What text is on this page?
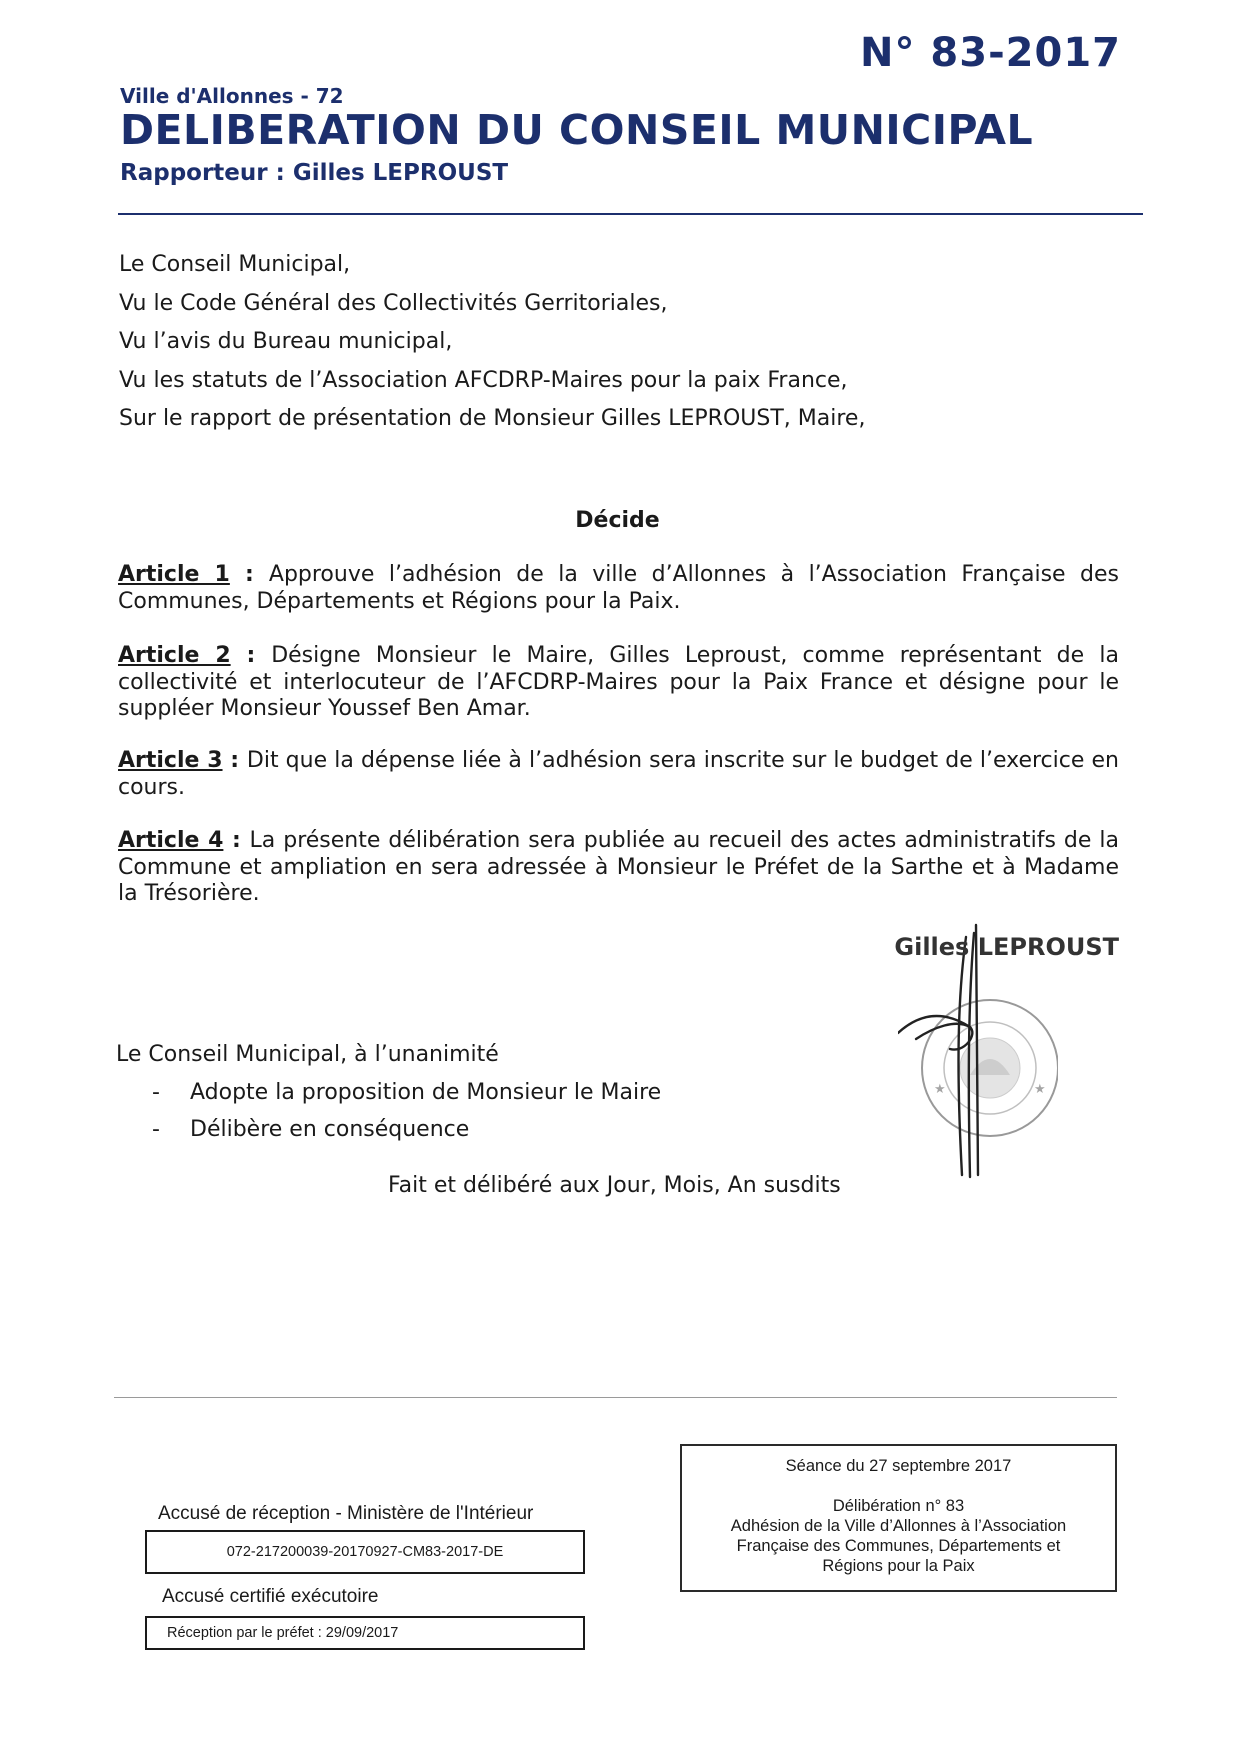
N° 83-2017
Ville d'Allonnes - 72
DELIBERATION DU CONSEIL MUNICIPAL
Rapporteur : Gilles LEPROUST
Le Conseil Municipal,
Vu le Code Général des Collectivités Gerritoriales,
Vu l’avis du Bureau municipal,
Vu les statuts de l’Association AFCDRP-Maires pour la paix France,
Sur le rapport de présentation de Monsieur Gilles LEPROUST, Maire,
Décide
Article 1 : Approuve l’adhésion de la ville d’Allonnes à l’Association Française des Communes, Départements et Régions pour la Paix.
Article 2 : Désigne Monsieur le Maire, Gilles Leproust, comme représentant de la collectivité et interlocuteur de l’AFCDRP-Maires pour la Paix France et désigne pour le suppléer Monsieur Youssef Ben Amar.
Article 3 : Dit que la dépense liée à l’adhésion sera inscrite sur le budget de l’exercice en cours.
Article 4 : La présente délibération sera publiée au recueil des actes administratifs de la Commune et ampliation en sera adressée à Monsieur le Préfet de la Sarthe et à Madame la Trésorière.
★	★
Gilles LEPROUST
Le Conseil Municipal, à l’unanimité
- Adopte la proposition de Monsieur le Maire
- Délibère en conséquence
Fait et délibéré aux Jour, Mois, An susdits
Séance du 27 septembre 2017
Délibération n° 83
Adhésion de la Ville d’Allonnes à l’Association
Française des Communes, Départements et
Régions pour la Paix
Accusé de réception - Ministère de l'Intérieur
072-217200039-20170927-CM83-2017-DE
Accusé certifié exécutoire
Réception par le préfet : 29/09/2017
